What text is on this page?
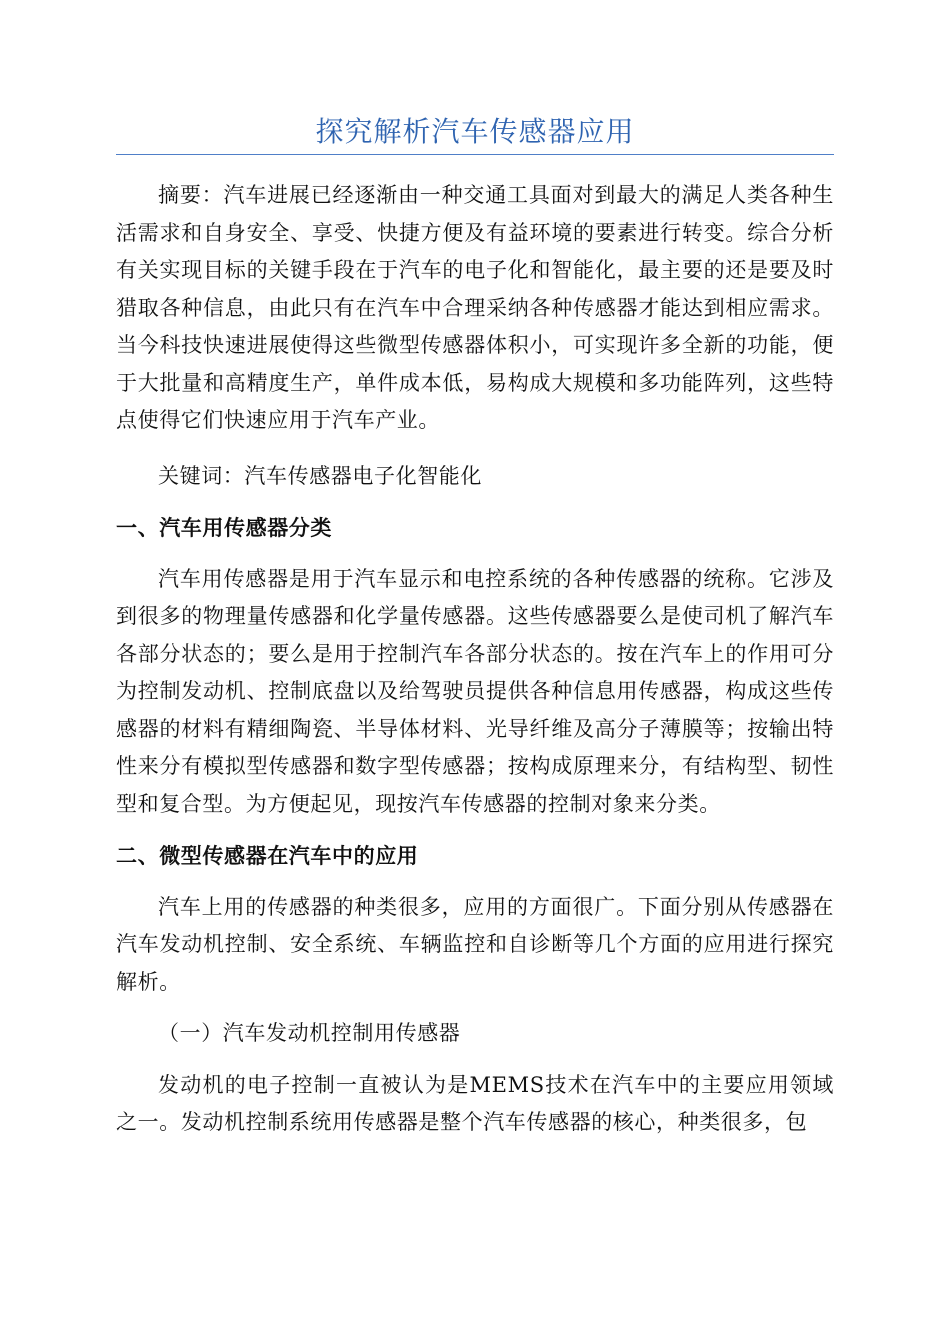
探究解析汽车传感器应用

摘要：汽车进展已经逐渐由一种交通工具面对到最大的满足人类各种生活需求和自身安全、享受、快捷方便及有益环境的要素进行转变。综合分析有关实现目标的关键手段在于汽车的电子化和智能化，最主要的还是要及时猎取各种信息，由此只有在汽车中合理采纳各种传感器才能达到相应需求。当今科技快速进展使得这些微型传感器体积小，可实现许多全新的功能，便于大批量和高精度生产，单件成本低，易构成大规模和多功能阵列，这些特点使得它们快速应用于汽车产业。

关键词：汽车传感器电子化智能化

一、汽车用传感器分类

汽车用传感器是用于汽车显示和电控系统的各种传感器的统称。它涉及到很多的物理量传感器和化学量传感器。这些传感器要么是使司机了解汽车各部分状态的；要么是用于控制汽车各部分状态的。按在汽车上的作用可分为控制发动机、控制底盘以及给驾驶员提供各种信息用传感器，构成这些传感器的材料有精细陶瓷、半导体材料、光导纤维及高分子薄膜等；按输出特性来分有模拟型传感器和数字型传感器；按构成原理来分，有结构型、韧性型和复合型。为方便起见，现按汽车传感器的控制对象来分类。

二、微型传感器在汽车中的应用

汽车上用的传感器的种类很多，应用的方面很广。下面分别从传感器在汽车发动机控制、安全系统、车辆监控和自诊断等几个方面的应用进行探究解析。

（一）汽车发动机控制用传感器

发动机的电子控制一直被认为是MEMS技术在汽车中的主要应用领域之一。发动机控制系统用传感器是整个汽车传感器的核心，种类很多，包
